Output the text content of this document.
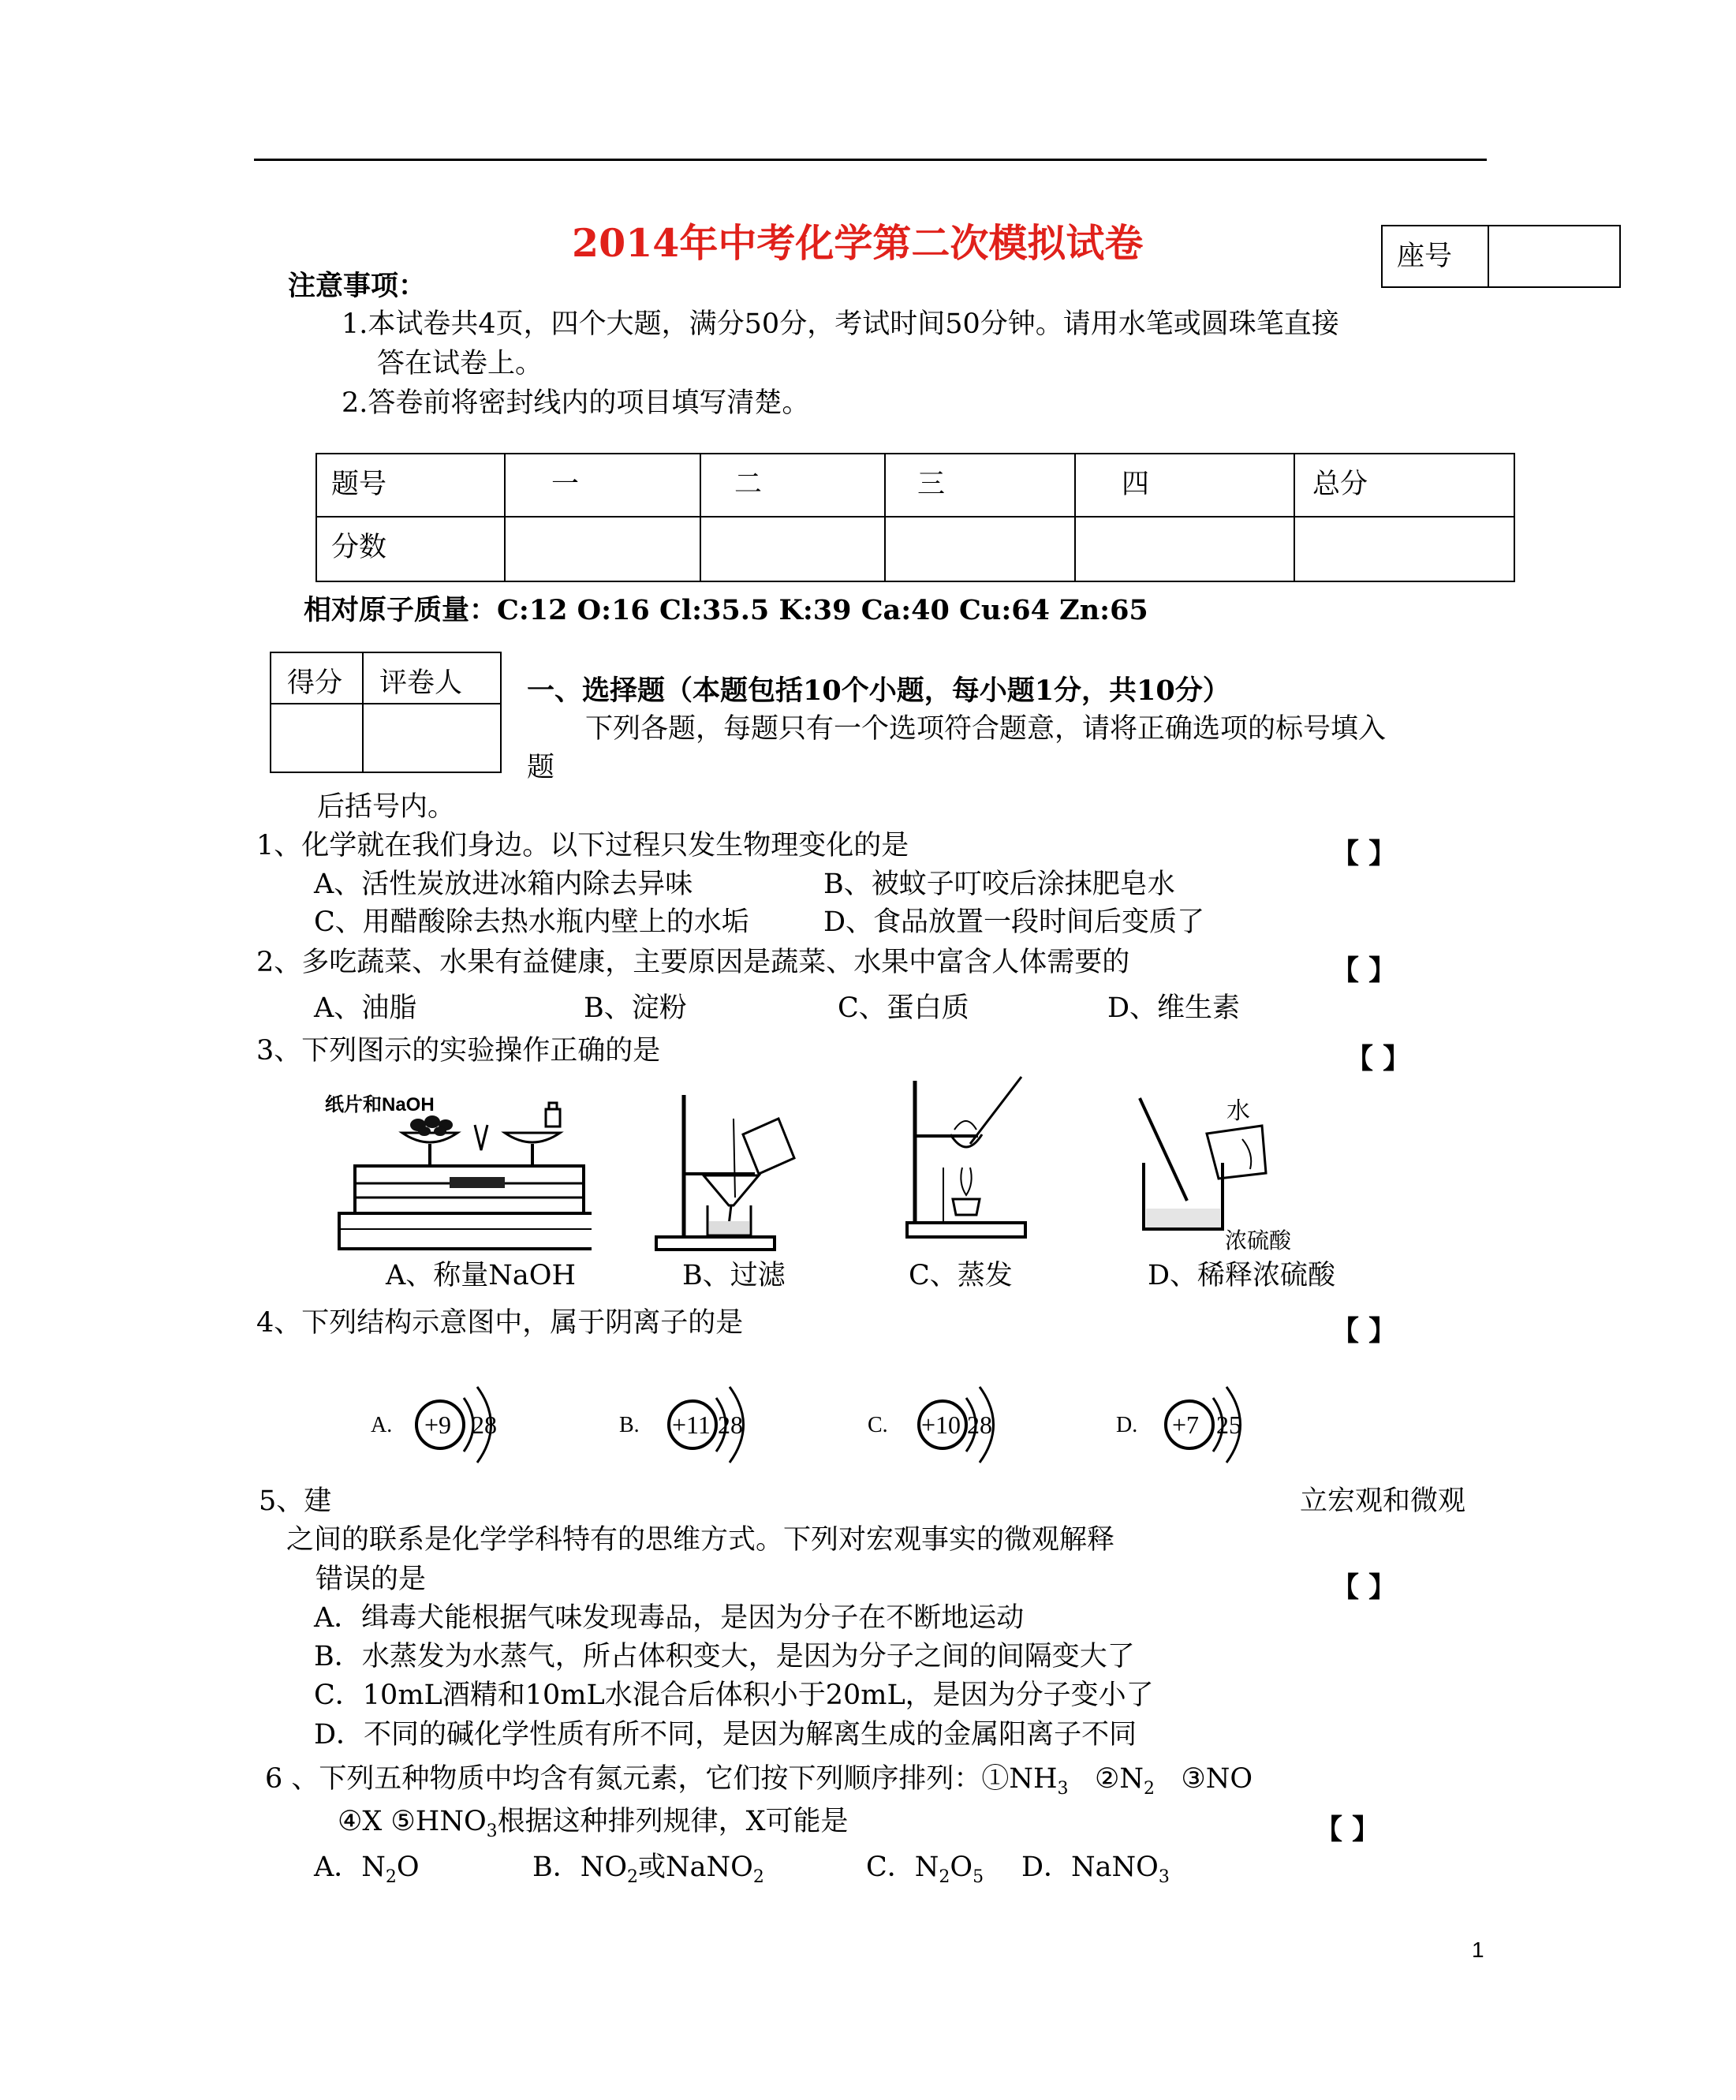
2014年中考化学第二次模拟试卷	座号

注意事项：
1.本试卷共4页，四个大题，满分50分，考试时间50分钟。请用水笔或圆珠笔直接
答在试卷上。
2.答卷前将密封线内的项目填写清楚。
题号	一	二	三	四	总分

分数					

相对原子质量：C:12 O:16 Cl:35.5 K:39 Ca:40 Cu:64 Zn:65
得分	评卷人

		一、选择题（本题包括10个小题，每小题1分，共10分）
下列各题，每题只有一个选项符合题意，请将正确选项的标号填入
题
后括号内。
1、化学就在我们身边。以下过程只发生物理变化的是	【 】
A、活性炭放进冰箱内除去异味	B、被蚊子叮咬后涂抹肥皂水
C、用醋酸除去热水瓶内壁上的水垢	D、食品放置一段时间后变质了
2、多吃蔬菜、水果有益健康，主要原因是蔬菜、水果中富含人体需要的	【 】
A、油脂	B、淀粉	C、蛋白质	D、维生素
3、下列图示的实验操作正确的是	【 】
纸片和NaOH	水
浓硫酸
A、称量NaOH	B、过滤	C、蒸发	D、稀释浓硫酸
4、下列结构示意图中，属于阴离子的是	【 】
A. +9 28	B. +11 28	C. +10 28	D. +7 25
5、建	立宏观和微观
之间的联系是化学学科特有的思维方式。下列对宏观事实的微观解释
错误的是	【 】
A．缉毒犬能根据气味发现毒品，是因为分子在不断地运动
B．水蒸发为水蒸气，所占体积变大，是因为分子之间的间隔变大了
C．10mL酒精和10mL水混合后体积小于20mL，是因为分子变小了
D．不同的碱化学性质有所不同，是因为解离生成的金属阳离子不同
6 、下列五种物质中均含有氮元素，它们按下列顺序排列：$①NH_3$ $②N_2$ ③NO
④X $⑤HNO_3$根据这种排列规律，X可能是	【 】
A．$N_2O$	B．$NO_2$或NaNO$_2$	C．$N_2O_5$ D．NaNO$_3$
1
